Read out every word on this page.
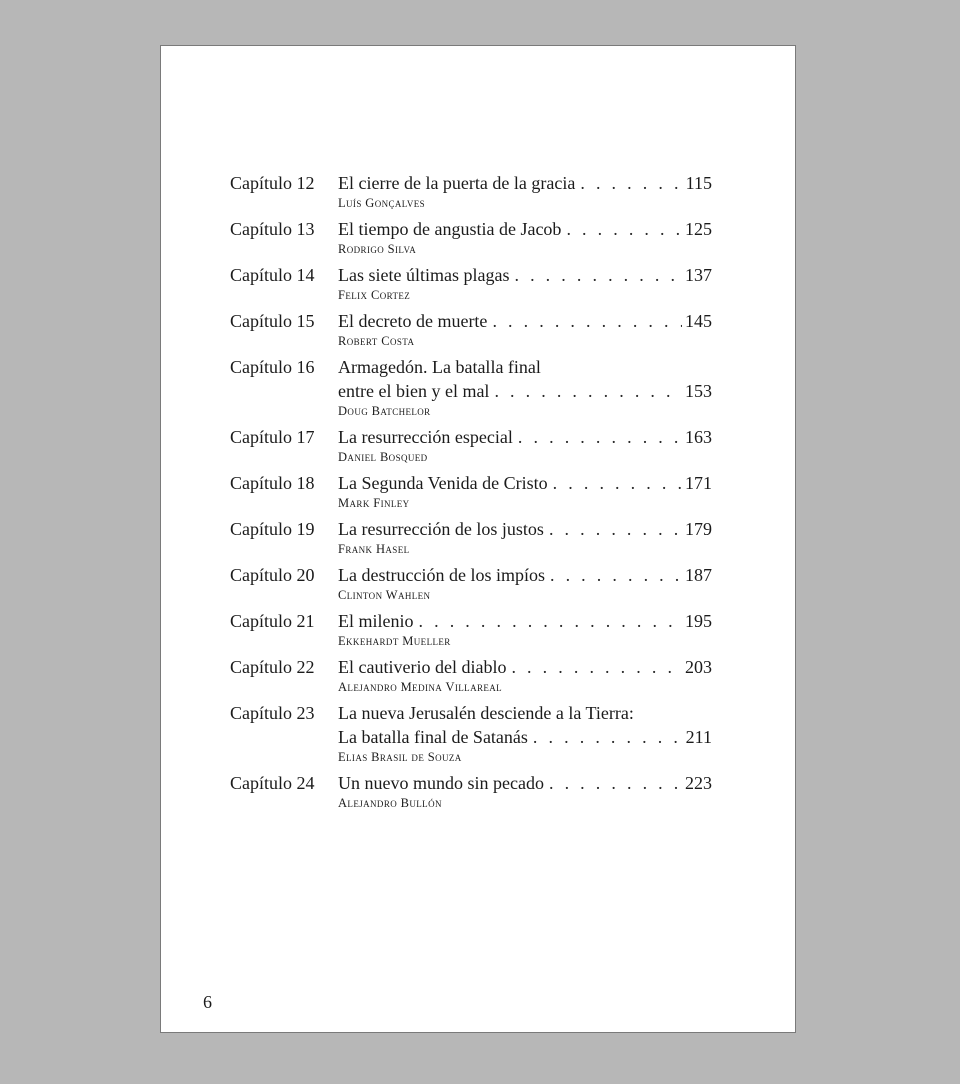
Capítulo 12	El cierre de la puerta de la gracia . . .	115
Luís Gonçalves
Capítulo 13	El tiempo de angustia de Jacob . . .	125
Rodrigo Silva
Capítulo 14	Las siete últimas plagas . . .	137
Felix Cortez
Capítulo 15	El decreto de muerte . . .	145
Robert Costa
Capítulo 16	Armagedón. La batalla final
entre el bien y el mal . . .	153
Doug Batchelor
Capítulo 17	La resurrección especial . . .	163
Daniel Bosqued
Capítulo 18	La Segunda Venida de Cristo . . .	171
Mark Finley
Capítulo 19	La resurrección de los justos . . .	179
Frank Hasel
Capítulo 20	La destrucción de los impíos . . .	187
Clinton Wahlen
Capítulo 21	El milenio . . .	195
Ekkehardt Mueller
Capítulo 22	El cautiverio del diablo . . .	203
Alejandro Medina Villareal
Capítulo 23	La nueva Jerusalén desciende a la Tierra:
La batalla final de Satanás . . .	211
Elias Brasil de Souza
Capítulo 24	Un nuevo mundo sin pecado . . .	223
Alejandro Bullón
6
